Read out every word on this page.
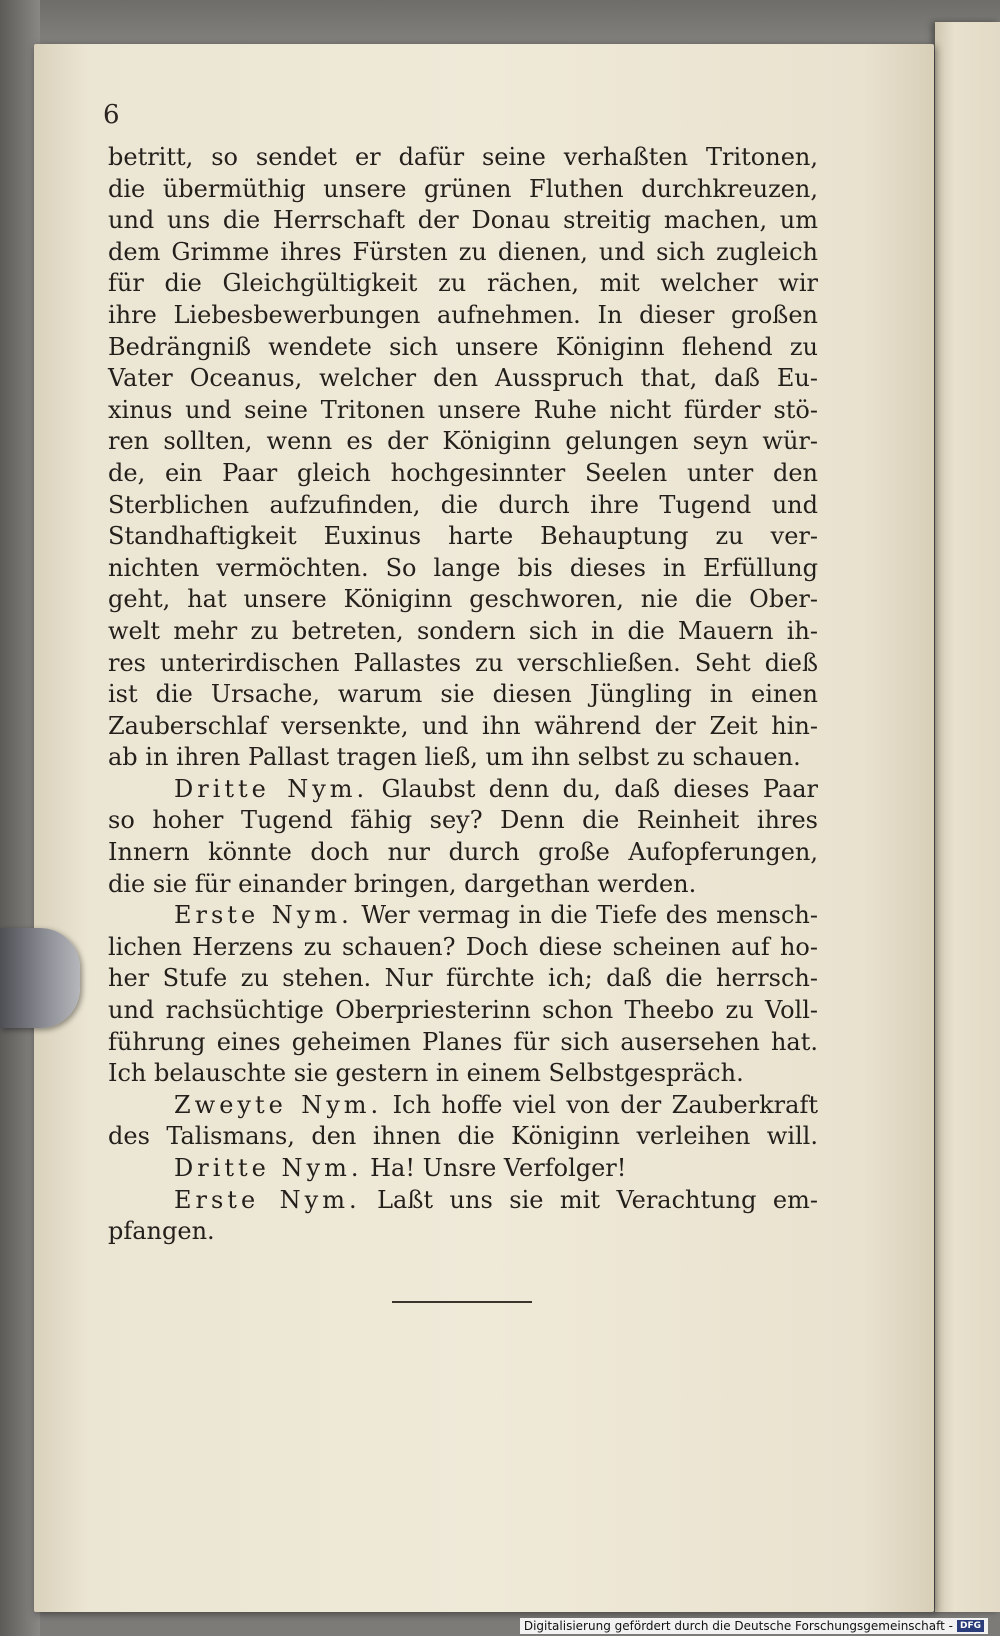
6
betritt, so sendet er dafür seine verhaßten Tritonen,
die übermüthig unsere grünen Fluthen durchkreuzen,
und uns die Herrschaft der Donau streitig machen, um
dem Grimme ihres Fürsten zu dienen, und sich zugleich
für die Gleichgültigkeit zu rächen, mit welcher wir
ihre Liebesbewerbungen aufnehmen. In dieser großen
Bedrängniß wendete sich unsere Königinn flehend zu
Vater Oceanus, welcher den Ausspruch that, daß Eu-
xinus und seine Tritonen unsere Ruhe nicht fürder stö-
ren sollten, wenn es der Königinn gelungen seyn wür-
de, ein Paar gleich hochgesinnter Seelen unter den
Sterblichen aufzufinden, die durch ihre Tugend und
Standhaftigkeit Euxinus harte Behauptung zu ver-
nichten vermöchten. So lange bis dieses in Erfüllung
geht, hat unsere Königinn geschworen, nie die Ober-
welt mehr zu betreten, sondern sich in die Mauern ih-
res unterirdischen Pallastes zu verschließen. Seht dieß
ist die Ursache, warum sie diesen Jüngling in einen
Zauberschlaf versenkte, und ihn während der Zeit hin-
ab in ihren Pallast tragen ließ, um ihn selbst zu schauen.
Dritte Nym. Glaubst denn du, daß dieses Paar
so hoher Tugend fähig sey? Denn die Reinheit ihres
Innern könnte doch nur durch große Aufopferungen,
die sie für einander bringen, dargethan werden.
Erste Nym. Wer vermag in die Tiefe des mensch-
lichen Herzens zu schauen? Doch diese scheinen auf ho-
her Stufe zu stehen. Nur fürchte ich; daß die herrsch-
und rachsüchtige Oberpriesterinn schon Theebo zu Voll-
führung eines geheimen Planes für sich ausersehen hat.
Ich belauschte sie gestern in einem Selbstgespräch.
Zweyte Nym. Ich hoffe viel von der Zauberkraft
des Talismans, den ihnen die Königinn verleihen will.
Dritte Nym. Ha! Unsre Verfolger!
Erste Nym. Laßt uns sie mit Verachtung em-
pfangen.
Digitalisierung gefördert durch die Deutsche Forschungsgemeinschaft - DFG
